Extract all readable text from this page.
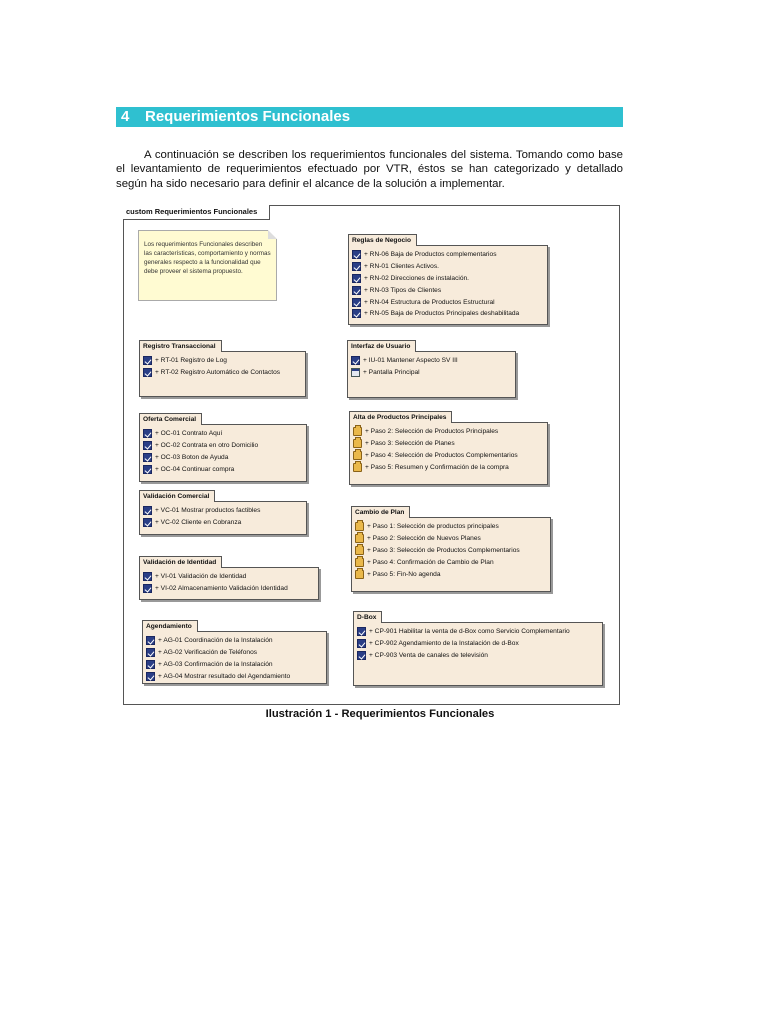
4 Requerimientos Funcionales

A continuación se describen los requerimientos funcionales del sistema. Tomando como base el levantamiento de requerimientos efectuado por VTR, éstos se han categorizado y detallado según ha sido necesario para definir el alcance de la solución a implementar.

custom Requerimientos Funcionales
Los requerimientos Funcionales describen las características, comportamiento y normas generales respecto a la funcionalidad que debe proveer el sistema propuesto.
+ RN-06 Baja de Productos complementarios
+ RN-01 Clientes Activos.
+ RN-02 Direcciones de instalación.
+ RN-03 Tipos de Clientes
+ RN-04 Estructura de Productos Estructural
+ RN-05 Baja de Productos Principales deshabilitada
Reglas de Negocio
+ RT-01 Registro de Log
+ RT-02 Registro Automático de Contactos
Registro Transaccional
+ IU-01 Mantener Aspecto SV III
+ Pantalla Principal
Interfaz de Usuario
+ OC-01 Contrato Aquí
+ OC-02 Contrata en otro Domicilio
+ OC-03 Boton de Ayuda
+ OC-04 Continuar compra
Oferta Comercial
+ Paso 2: Selección de Productos Principales
+ Paso 3: Selección de Planes
+ Paso 4: Selección de Productos Complementarios
+ Paso 5: Resumen y Confirmación de la compra
Alta de Productos Principales
+ VC-01 Mostrar productos factibles
+ VC-02 Cliente en Cobranza
Validación Comercial
+ Paso 1: Selección de productos principales
+ Paso 2: Selección de Nuevos Planes
+ Paso 3: Selección de Productos Complementarios
+ Paso 4: Confirmación de Cambio de Plan
+ Paso 5: Fin-No agenda
Cambio de Plan
+ VI-01 Validación de Identidad
+ VI-02 Almacenamiento Validación Identidad
Validación de Identidad
+ CP-901 Habilitar la venta de d-Box como Servicio Complementario
+ CP-902 Agendamiento de la Instalación de d-Box
+ CP-903 Venta de canales de televisión
D-Box
+ AG-01 Coordinación de la Instalación
+ AG-02 Verificación de Teléfonos
+ AG-03 Confirmación de la Instalación
+ AG-04 Mostrar resultado del Agendamiento
Agendamiento
Ilustración 1 - Requerimientos Funcionales
